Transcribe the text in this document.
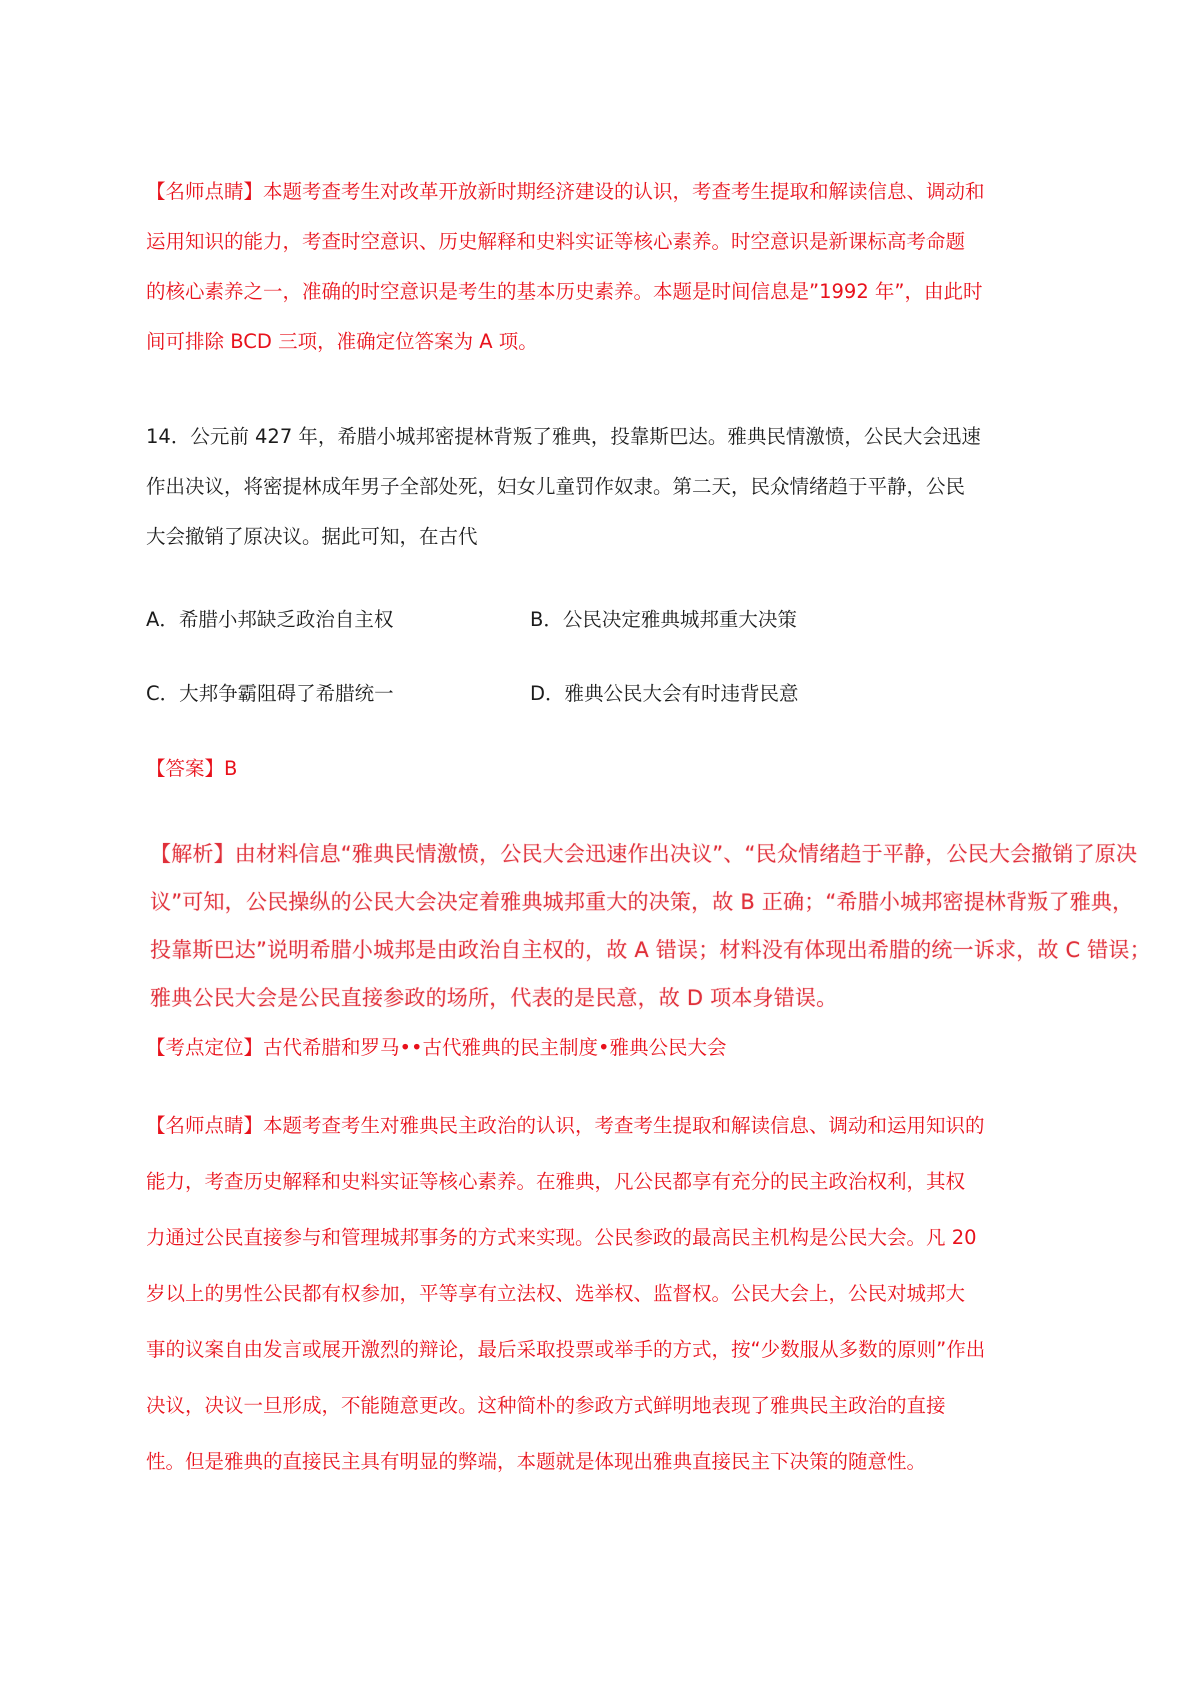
【名师点睛】本题考查考生对改革开放新时期经济建设的认识，考查考生提取和解读信息、调动和
运用知识的能力，考查时空意识、历史解释和史料实证等核心素养。时空意识是新课标高考命题
的核心素养之一，准确的时空意识是考生的基本历史素养。本题是时间信息是”1992 年”，由此时
间可排除 BCD 三项，准确定位答案为 A 项。
14．公元前 427 年，希腊小城邦密提林背叛了雅典，投靠斯巴达。雅典民情激愤，公民大会迅速
作出决议，将密提林成年男子全部处死，妇女儿童罚作奴隶。第二天，民众情绪趋于平静，公民
大会撤销了原决议。据此可知，在古代
A．希腊小邦缺乏政治自主权	B．公民决定雅典城邦重大决策
C．大邦争霸阻碍了希腊统一	D．雅典公民大会有时违背民意
【答案】B
【解析】由材料信息“雅典民情激愤，公民大会迅速作出决议”、“民众情绪趋于平静，公民大会撤销了原决
议”可知，公民操纵的公民大会决定着雅典城邦重大的决策，故 B 正确；“希腊小城邦密提林背叛了雅典，
投靠斯巴达”说明希腊小城邦是由政治自主权的，故 A 错误；材料没有体现出希腊的统一诉求，故 C 错误；
雅典公民大会是公民直接参政的场所，代表的是民意，故 D 项本身错误。
【考点定位】古代希腊和罗马••古代雅典的民主制度•雅典公民大会
【名师点睛】本题考查考生对雅典民主政治的认识，考查考生提取和解读信息、调动和运用知识的
能力，考查历史解释和史料实证等核心素养。在雅典，凡公民都享有充分的民主政治权利，其权
力通过公民直接参与和管理城邦事务的方式来实现。公民参政的最高民主机构是公民大会。凡 20
岁以上的男性公民都有权参加，平等享有立法权、选举权、监督权。公民大会上，公民对城邦大
事的议案自由发言或展开激烈的辩论，最后采取投票或举手的方式，按“少数服从多数的原则”作出
决议，决议一旦形成，不能随意更改。这种简朴的参政方式鲜明地表现了雅典民主政治的直接
性。但是雅典的直接民主具有明显的弊端，本题就是体现出雅典直接民主下决策的随意性。
